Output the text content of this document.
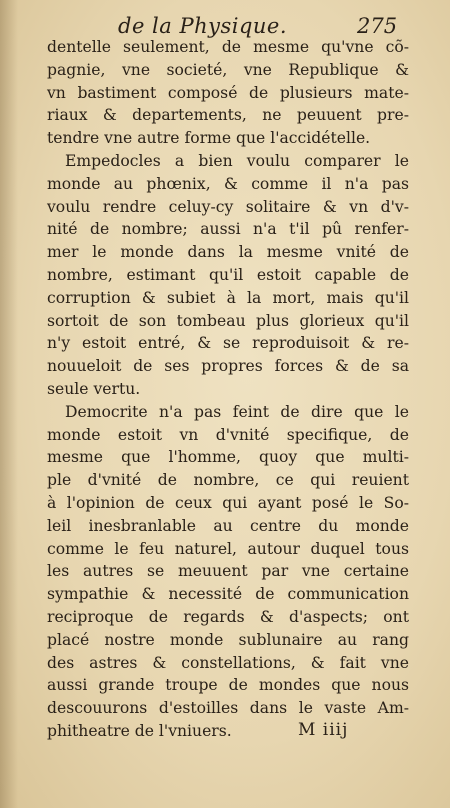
de la Physique.	275
dentelle seulement, de mesme qu'vne cõ-
pagnie, vne societé, vne Republique &
vn bastiment composé de plusieurs mate-
riaux & departements, ne peuuent pre-
tendre vne autre forme que l'accidételle.
Empedocles a bien voulu comparer le
monde au phœnix, & comme il n'a pas
voulu rendre celuy-cy solitaire & vn d'v-
nité de nombre; aussi n'a t'il pû renfer-
mer le monde dans la mesme vnité de
nombre, estimant qu'il estoit capable de
corruption & subiet à la mort, mais qu'il
sortoit de son tombeau plus glorieux qu'il
n'y estoit entré, & se reproduisoit & re-
nouueloit de ses propres forces & de sa
seule vertu.
Democrite n'a pas feint de dire que le
monde estoit vn d'vnité specifique, de
mesme que l'homme, quoy que multi-
ple d'vnité de nombre, ce qui reuient
à l'opinion de ceux qui ayant posé le So-
leil inesbranlable au centre du monde
comme le feu naturel, autour duquel tous
les autres se meuuent par vne certaine
sympathie & necessité de communication
reciproque de regards & d'aspects; ont
placé nostre monde sublunaire au rang
des astres & constellations, & fait vne
aussi grande troupe de mondes que nous
descouurons d'estoilles dans le vaste Am-
phitheatre de l'vniuers.	M iiij
